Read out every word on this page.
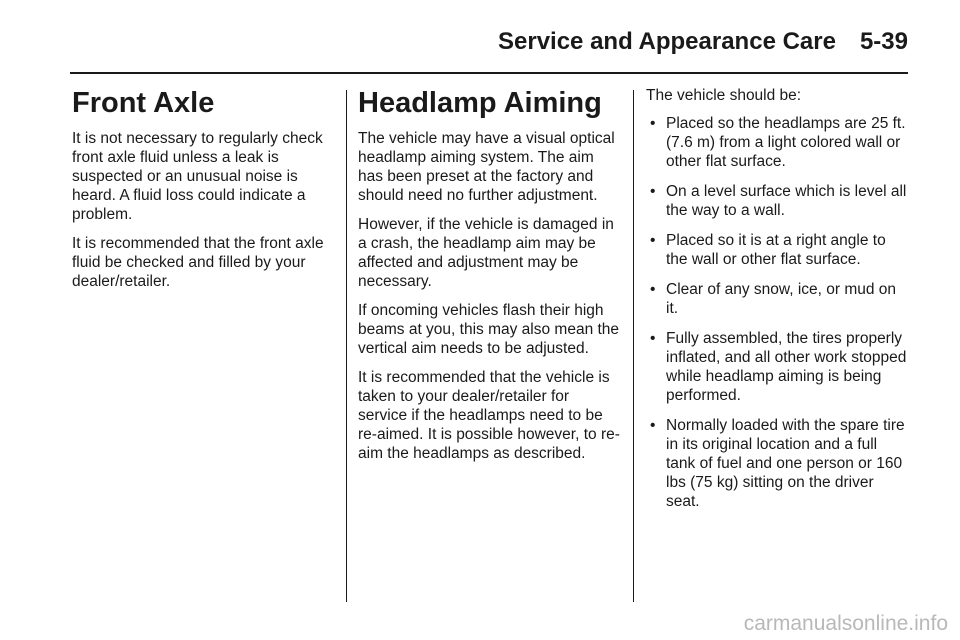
Service and Appearance Care 5-39
Front Axle

It is not necessary to regularly check front axle fluid unless a leak is suspected or an unusual noise is heard. A fluid loss could indicate a problem.

It is recommended that the front axle fluid be checked and filled by your dealer/retailer.

Headlamp Aiming

The vehicle may have a visual optical headlamp aiming system. The aim has been preset at the factory and should need no further adjustment.

However, if the vehicle is damaged in a crash, the headlamp aim may be affected and adjustment may be necessary.

If oncoming vehicles flash their high beams at you, this may also mean the vertical aim needs to be adjusted.

It is recommended that the vehicle is taken to your dealer/retailer for service if the headlamps need to be re-aimed. It is possible however, to re-aim the headlamps as described.

The vehicle should be:

• Placed so the headlamps are 25 ft. (7.6 m) from a light colored wall or other flat surface.
• On a level surface which is level all the way to a wall.
• Placed so it is at a right angle to the wall or other flat surface.
• Clear of any snow, ice, or mud on it.
• Fully assembled, the tires properly inflated, and all other work stopped while headlamp aiming is being performed.
• Normally loaded with the spare tire in its original location and a full tank of fuel and one person or 160 lbs (75 kg) sitting on the driver seat.
carmanualsonline.info
